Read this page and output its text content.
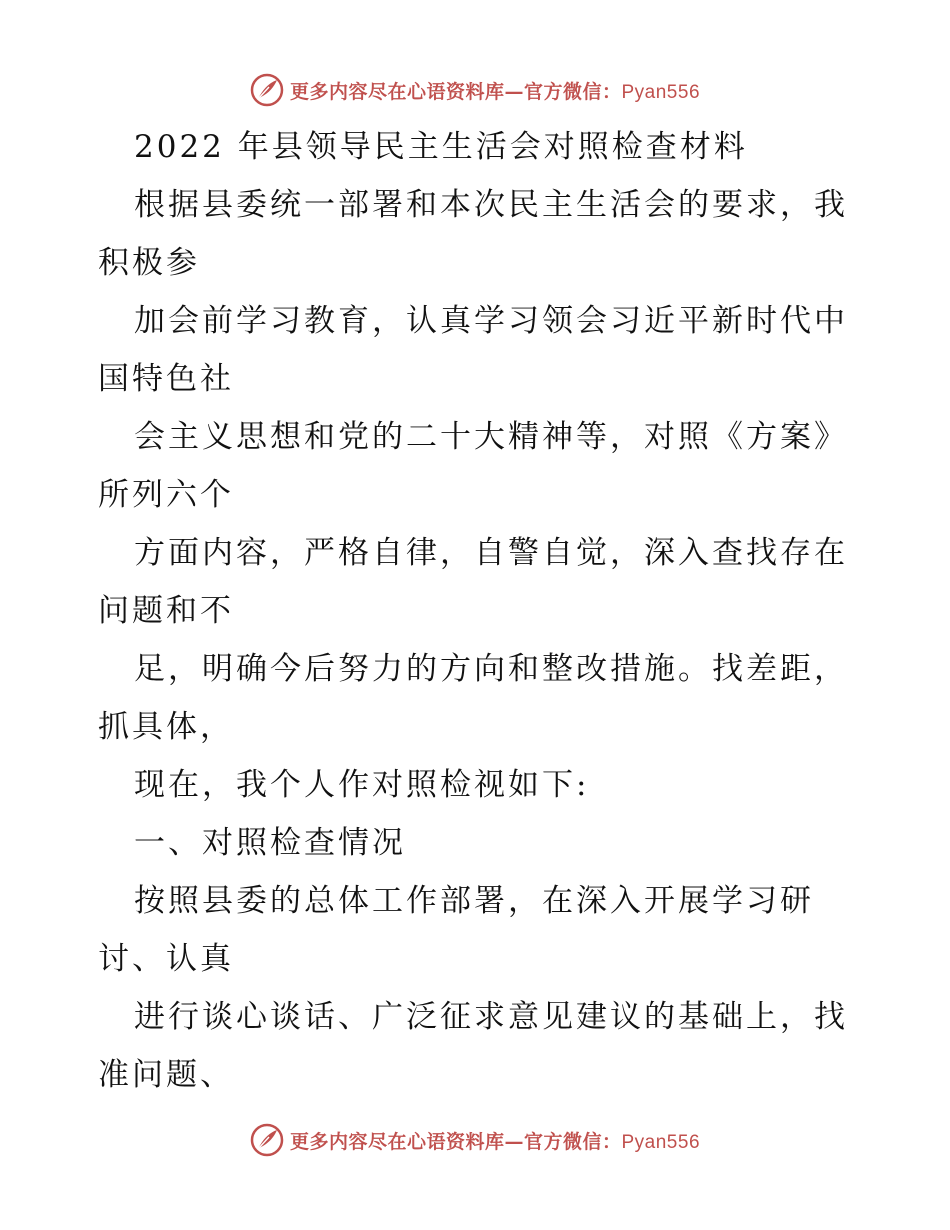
更多内容尽在心语资料库—官方微信：Pyan556
2022 年县领导民主生活会对照检查材料
根据县委统一部署和本次民主生活会的要求，我
积极参
加会前学习教育，认真学习领会习近平新时代中
国特色社
会主义思想和党的二十大精神等，对照《方案》
所列六个
方面内容，严格自律，自警自觉，深入查找存在
问题和不
足，明确今后努力的方向和整改措施。找差距，
抓具体，
现在，我个人作对照检视如下:
一、对照检查情况
按照县委的总体工作部署，在深入开展学习研
讨、认真
进行谈心谈话、广泛征求意见建议的基础上，找
准问题、
更多内容尽在心语资料库—官方微信：Pyan556
